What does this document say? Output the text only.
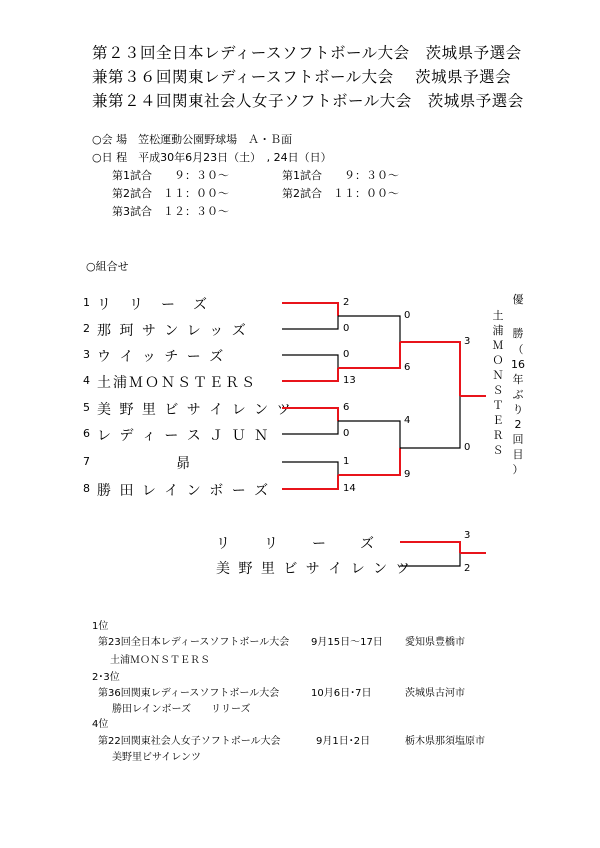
第２３回全日本レディースソフトボール大会　茨城県予選会
兼第３６回関東レディースフトボール大会　 茨城県予選会
兼第２４回関東社会人女子ソフトボール大会　茨城県予選会
○会 場　笠松運動公園野球場　Ａ・Ｂ面
○日 程　平成30年6月23日（土）　, 24日（日）
第1試合　　９：３０～	第1試合　　９：３０～
第2試合　１１：００～	第2試合　１１：００～
第3試合　１２：３０～
○組合せ
1 リ　リ　ー　ズ
2 那 珂 サ ン レ ッ ズ
3 ウ イ ッ チ ー ズ
4 土浦ＭＯＮＳＴＥＲＳ
5 美 野 里 ビ サ イ レ ン ツ
6 レ デ ィ ー ス Ｊ Ｕ Ｎ
7	昴
8 勝 田 レ イ ン ボ ー ズ
2
0
0
13
6
0
1
14
0
6
4
9
3
0
優
土
浦
Ｍ
Ｏ
Ｎ
Ｓ
Ｔ
Ｅ
Ｒ
Ｓ
勝
（
16
年
ぶ
り
2
回
目
）
リ　　リ　　ー　　ズ
美 野 里 ビ サ イ レ ン ツ
3
2
1位
第23回全日本レディースソフトボール大会 9月15日～17日 愛知県豊橋市
土浦ＭＯＮＳＴＥＲＳ
2･3位
第36回関東レディースソフトボール大会	10月6日･7日	茨城県古河市
勝田レインボーズ　　リリーズ
4位
第22回関東社会人女子ソフトボール大会	9月1日･2日	栃木県那須塩原市
美野里ビサイレンツ
